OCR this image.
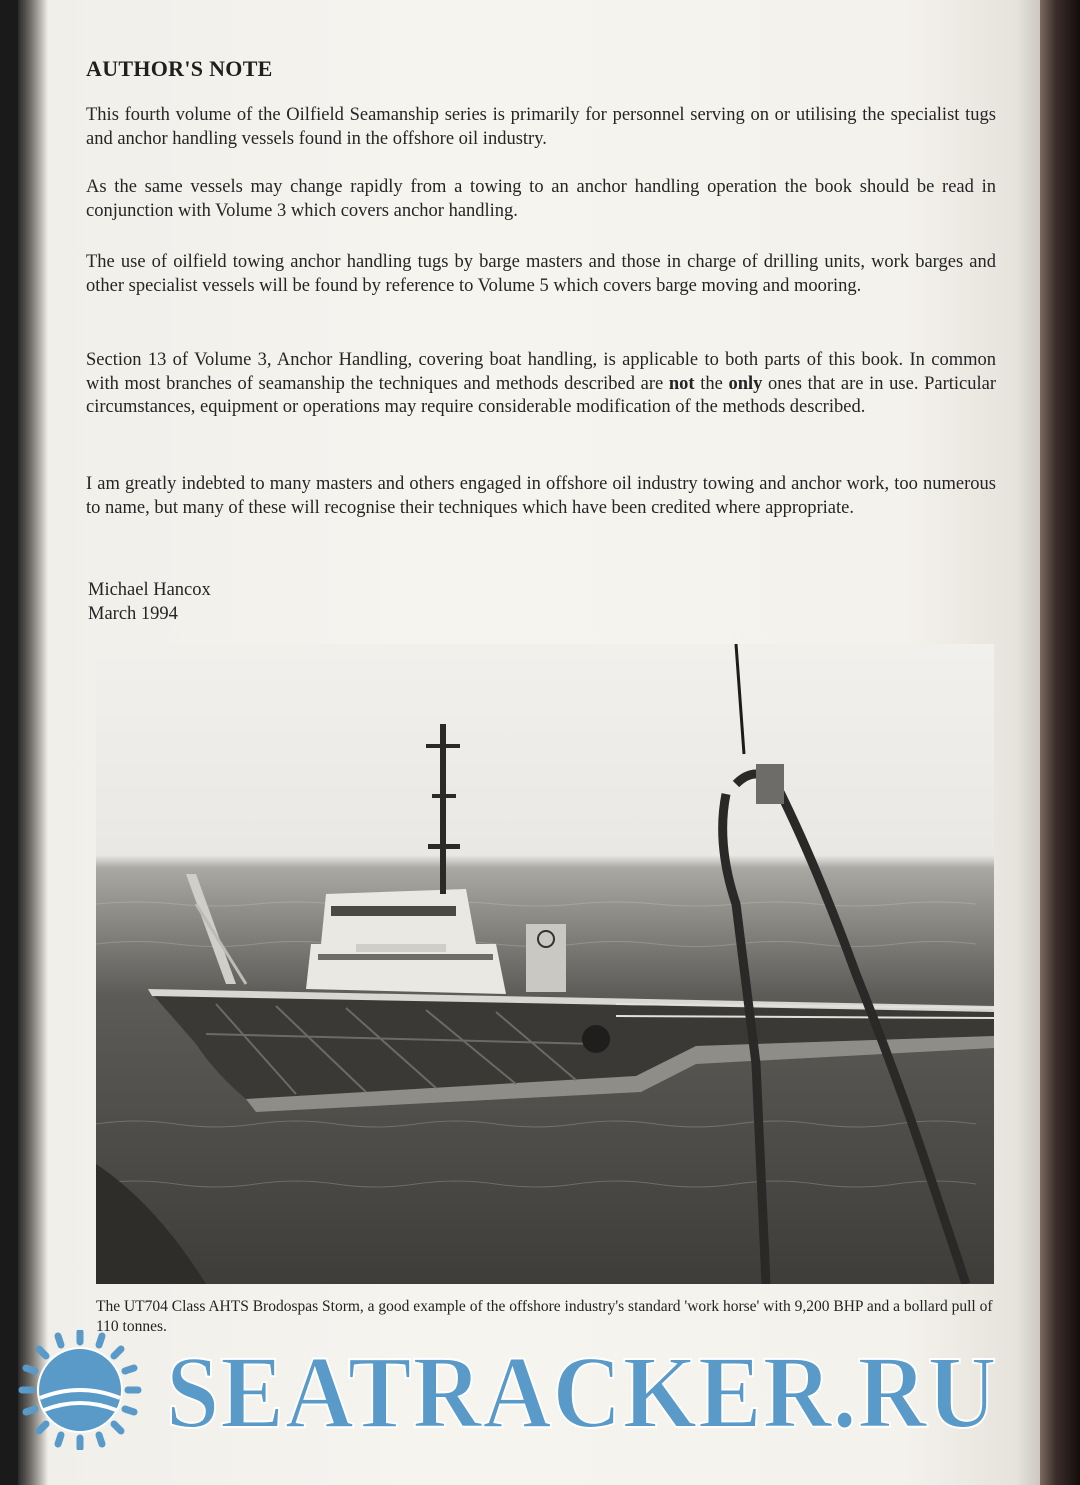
AUTHOR'S NOTE

This fourth volume of the Oilfield Seamanship series is primarily for personnel serving on or utilising the specialist tugs and anchor handling vessels found in the offshore oil industry.

As the same vessels may change rapidly from a towing to an anchor handling operation the book should be read in conjunction with Volume 3 which covers anchor handling.

The use of oilfield towing anchor handling tugs by barge masters and those in charge of drilling units, work barges and other specialist vessels will be found by reference to Volume 5 which covers barge moving and mooring.

Section 13 of Volume 3, Anchor Handling, covering boat handling, is applicable to both parts of this book. In common with most branches of seamanship the techniques and methods described are not the only ones that are in use. Particular circumstances, equipment or operations may require considerable modification of the methods described.

I am greatly indebted to many masters and others engaged in offshore oil industry towing and anchor work, too numerous to name, but many of these will recognise their techniques which have been credited where appropriate.

Michael Hancox

March 1994

The UT704 Class AHTS Brodospas Storm, a good example of the offshore industry's standard 'work horse' with 9,200 BHP and a bollard pull of 110 tonnes.

SEATRACKER.RU
